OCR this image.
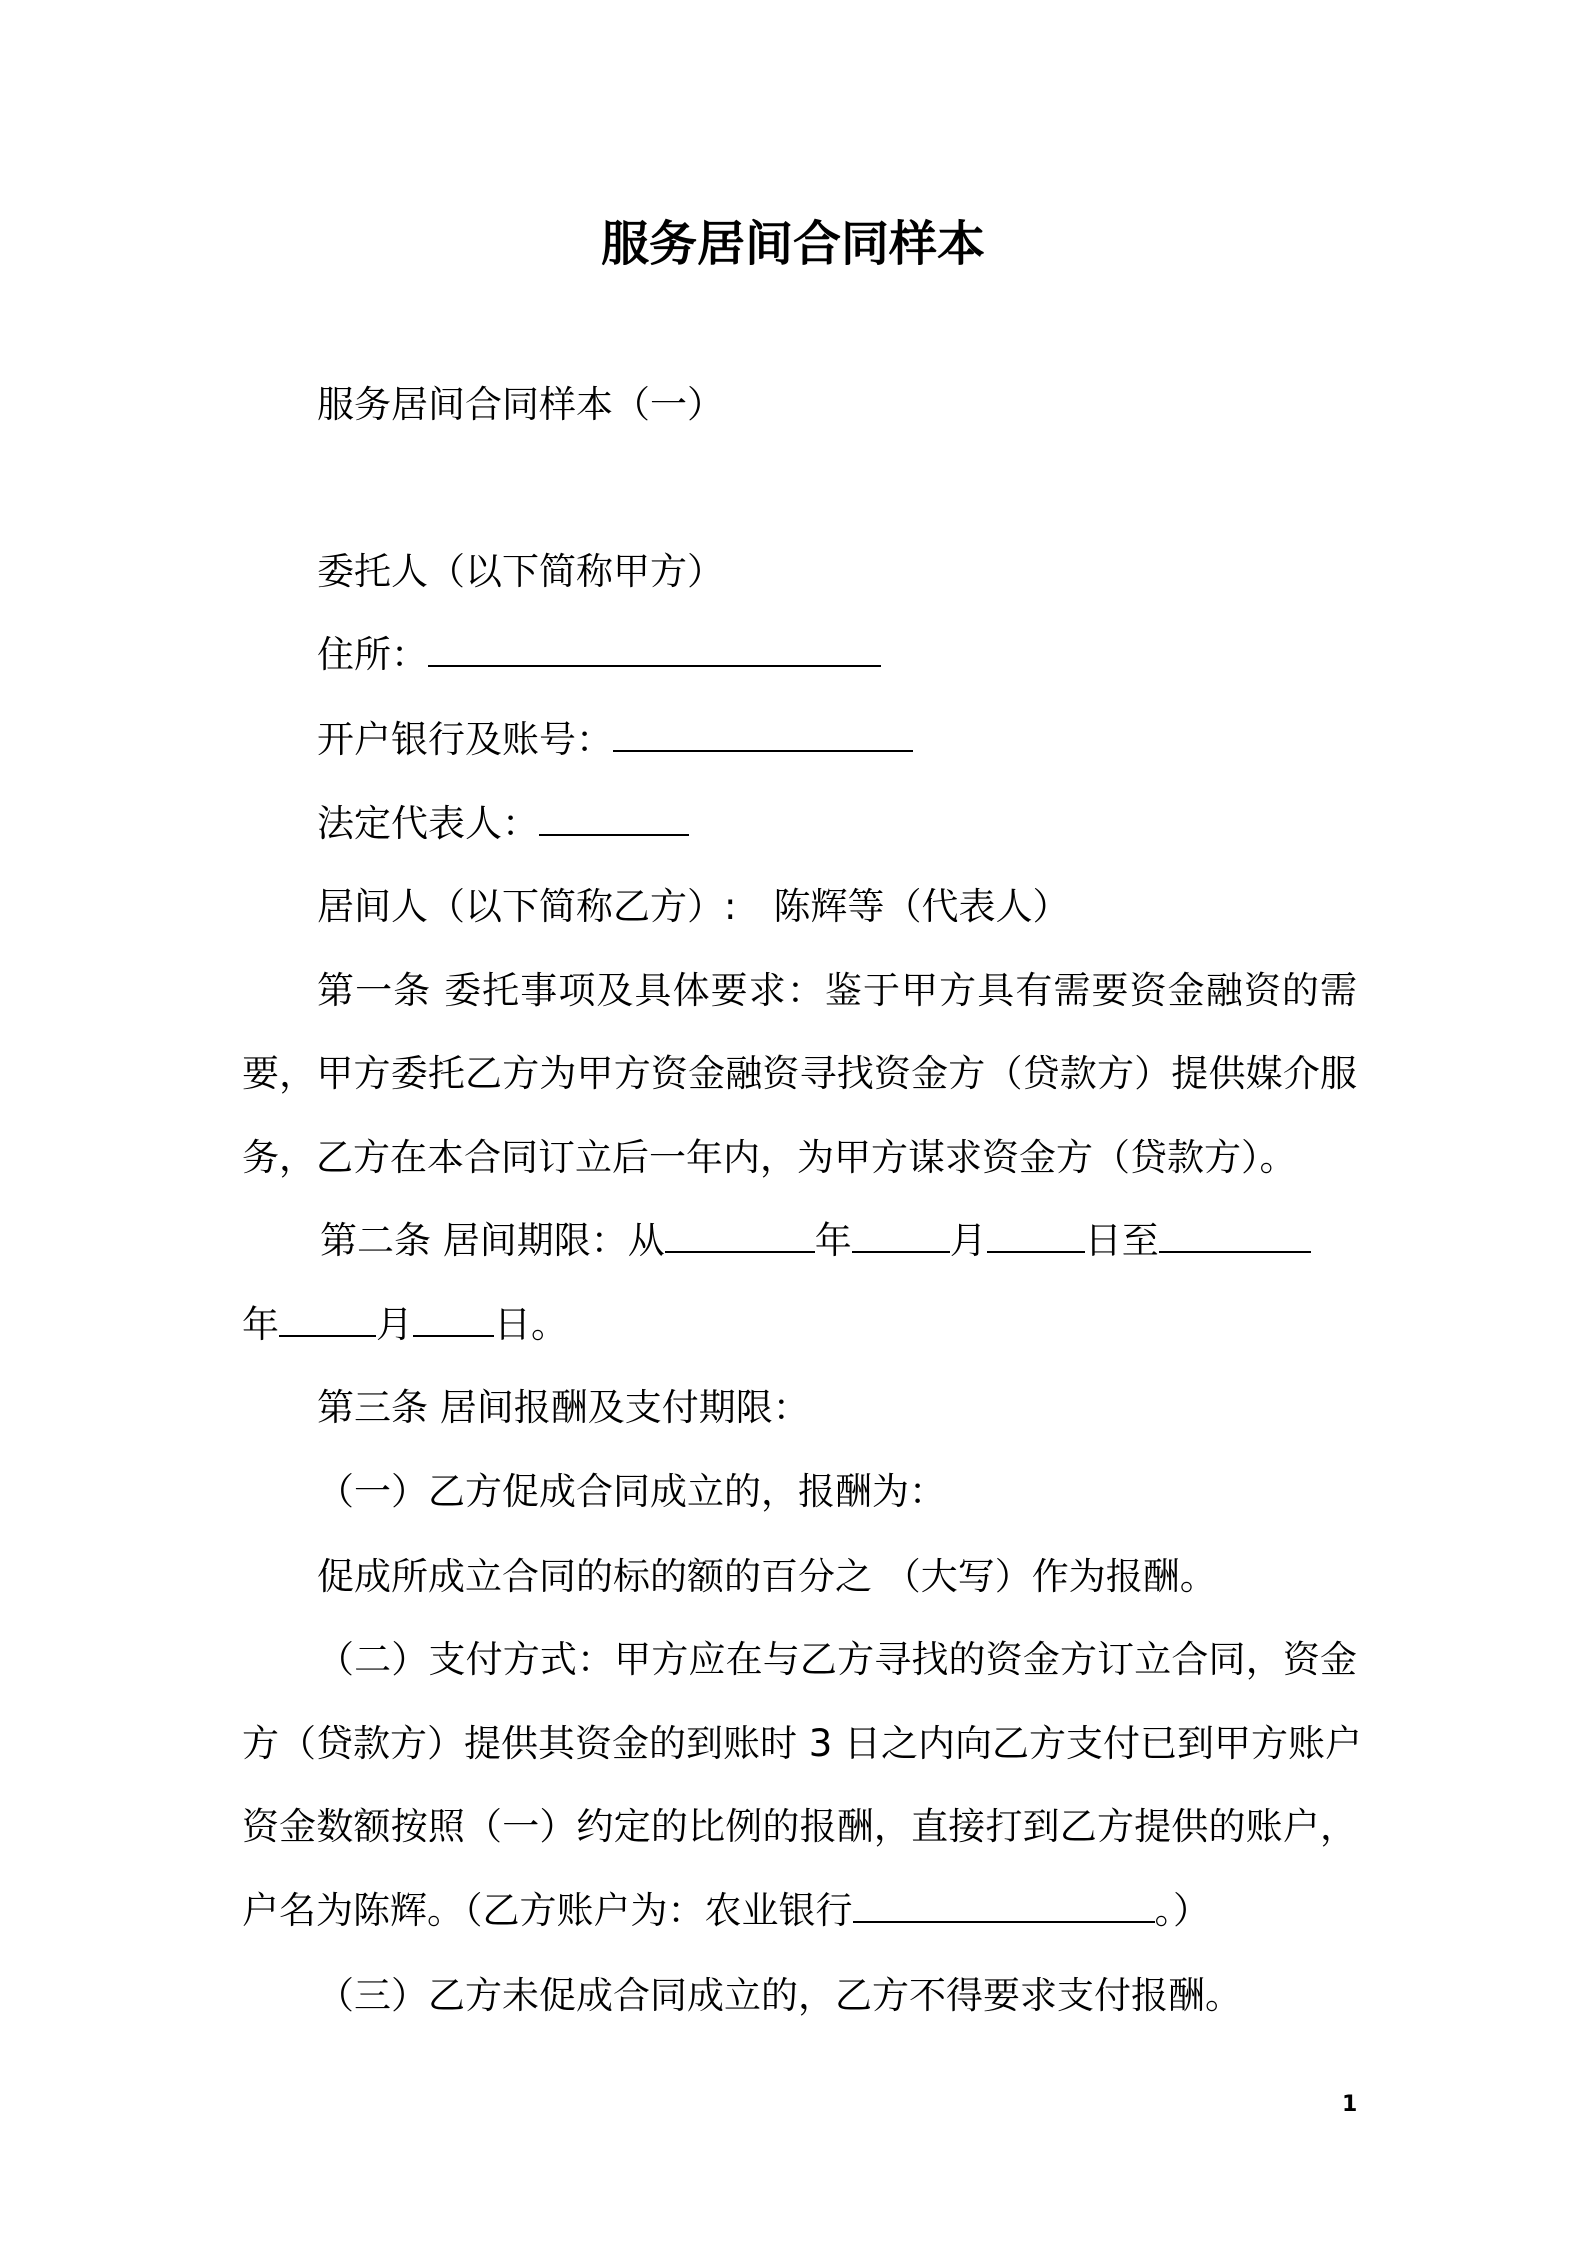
服务居间合同样本
服务居间合同样本（一）
委托人（以下简称甲方）
住所：
开户银行及账号：
法定代表人：
居间人（以下简称乙方）:　陈辉等（代表人）
第一条 委托事项及具体要求：鉴于甲方具有需要资金融资的需
要，甲方委托乙方为甲方资金融资寻找资金方（贷款方）提供媒介服
务，乙方在本合同订立后一年内，为甲方谋求资金方（贷款方）。
第二条 居间期限：从	年	月	日至
年	月 日。
第三条 居间报酬及支付期限：
（一）乙方促成合同成立的，报酬为：
促成所成立合同的标的额的百分之 （大写）作为报酬。
（二）支付方式：甲方应在与乙方寻找的资金方订立合同，资金
方（贷款方）提供其资金的到账时 3 日之内向乙方支付已到甲方账户
资金数额按照（一）约定的比例的报酬，直接打到乙方提供的账户，
户名为陈辉。（乙方账户为：农业银行	。）
（三）乙方未促成合同成立的，乙方不得要求支付报酬。
1
